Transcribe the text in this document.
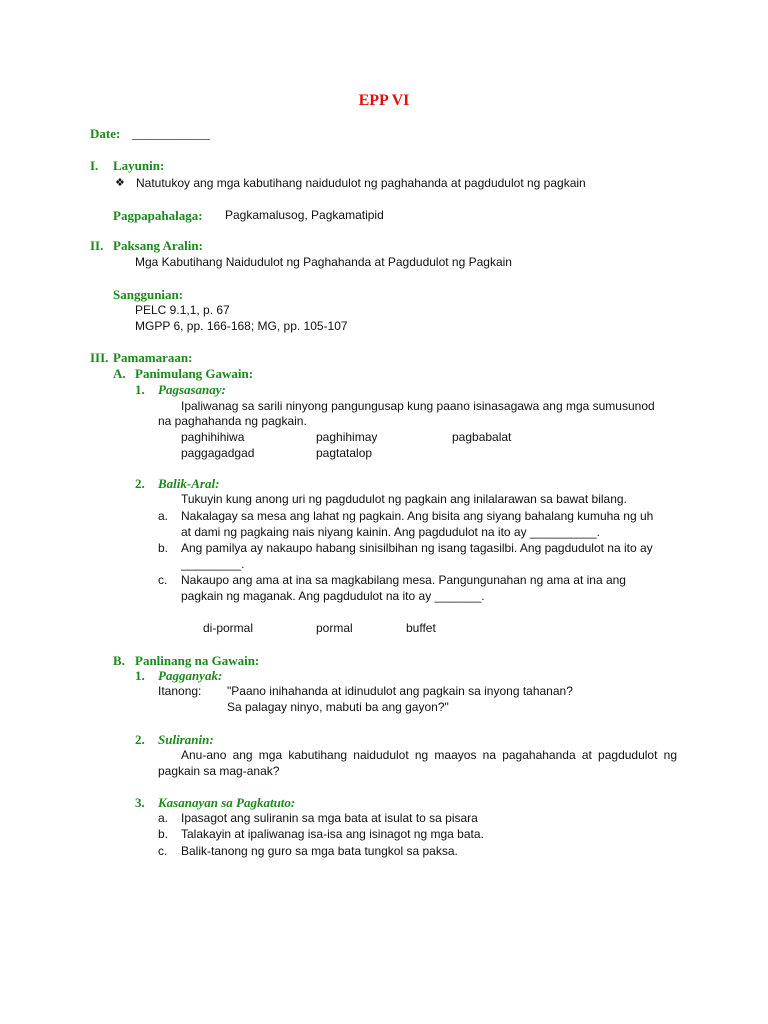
EPP VI
Date: ____________
I. Layunin:
❖ Natutukoy ang mga kabutihang naidudulot ng paghahanda at pagdudulot ng pagkain
Pagpapahalaga: Pagkamalusog, Pagkamatipid
II. Paksang Aralin:
Mga Kabutihang Naidudulot ng Paghahanda at Pagdudulot ng Pagkain
Sanggunian:
PELC 9.1,1, p. 67
MGPP 6, pp. 166-168; MG, pp. 105-107
III. Pamamaraan:
A. Panimulang Gawain:
1. Pagsasanay:
Ipaliwanag sa sarili ninyong pangungusap kung paano isinasagawa ang mga sumusunod
na paghahanda ng pagkain.
paghihihiwa	paghihimay	pagbabalat
paggagadgad	pagtatalop
2. Balik-Aral:
Tukuyin kung anong uri ng pagdudulot ng pagkain ang inilalarawan sa bawat bilang.
a. Nakalagay sa mesa ang lahat ng pagkain. Ang bisita ang siyang bahalang kumuha ng uh
at dami ng pagkaing nais niyang kainin. Ang pagdudulot na ito ay __________.
b. Ang pamilya ay nakaupo habang sinisilbihan ng isang tagasilbi. Ang pagdudulot na ito ay
_________.
c. Nakaupo ang ama at ina sa magkabilang mesa. Pangungunahan ng ama at ina ang
pagkain ng maganak. Ang pagdudulot na ito ay _______.
di-pormal	pormal	buffet
B. Panlinang na Gawain:
1. Pagganyak:
Itanong: "Paano inihahanda at idinudulot ang pagkain sa inyong tahanan?
Sa palagay ninyo, mabuti ba ang gayon?"
2. Suliranin:
Anu-ano ang mga kabutihang naidudulot ng maayos na pagahahanda at pagdudulot ng
pagkain sa mag-anak?
3. Kasanayan sa Pagkatuto:
a. Ipasagot ang suliranin sa mga bata at isulat to sa pisara
b. Talakayin at ipaliwanag isa-isa ang isinagot ng mga bata.
c. Balik-tanong ng guro sa mga bata tungkol sa paksa.
